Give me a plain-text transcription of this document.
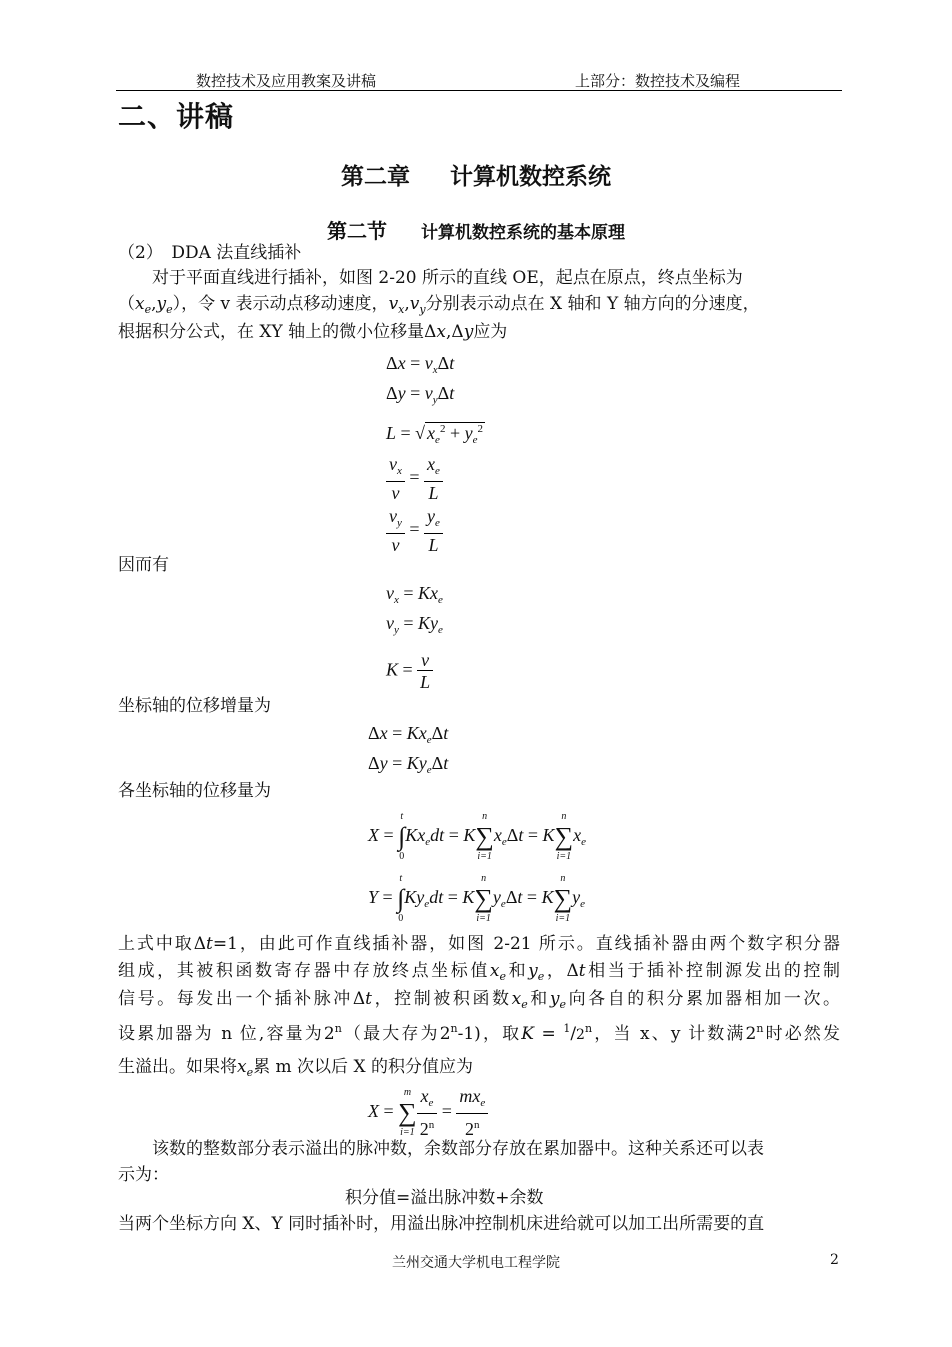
数控技术及应用教案及讲稿	上部分：数控技术及编程
二、讲稿
第二章 计算机数控系统
第二节 计算机数控系统的基本原理
（2）　DDA 法直线插补
对于平面直线进行插补，如图 2-20 所示的直线 OE，起点在原点，终点坐标为
$(x_e,y_e)$，令 v 表示动点移动速度，$v_x,v_y$分别表示动点在 X 轴和 Y 轴方向的分速度，
根据积分公式，在 XY 轴上的微小位移量Δx,Δy应为
$\Delta x = v_x\Delta t$
$\Delta y = v_y\Delta t$
L = √ $x_e^2 + y_e^2$
$\frac{v_x}{v} = \frac{x_e}{L}$
$\frac{v_y}{v} = \frac{y_e}{L}$
因而有
$v_x = Kx_e$
$v_y = Ky_e$
$K = \frac{v}{L}$
坐标轴的位移增量为
$\Delta x = Kx_e\Delta t$
$\Delta y = Ky_e\Delta t$
各坐标轴的位移量为
X =
t
∫
0
$Kx_edt = K$
n
∑
i=1
$x_e\Delta t = K$
n
∑
i=1
$x_e$
Y =
t
∫
0
$Ky_edt = K$
n
∑
i=1
$y_e\Delta t = K$
n
∑
i=1
$y_e$
上式中取Δt=1，由此可作直线插补器，如图 2-21 所示。直线插补器由两个数字积分器
组成，其被积函数寄存器中存放终点坐标值$x_e$和$y_e$，Δt相当于插补控制源发出的控制
信号。每发出一个插补脉冲Δt，控制被积函数$x_e$和$y_e$向各自的积分累加器相加一次。
设累加器为 n 位,容量为2$^n$（最大存为2$^n$-1)，取$K = ^1/2^n$，当 x、y 计数满2$^n$时必然发
生溢出。如果将$x_e$累 m 次以后 X 的积分值应为
X =
m
∑
$i=1 \frac{x_e}{2^n} = \frac{mx_e}{2^n}$
该数的整数部分表示溢出的脉冲数，余数部分存放在累加器中。这种关系还可以表
示为：
积分值=溢出脉冲数+余数
当两个坐标方向 X、Y 同时插补时，用溢出脉冲控制机床进给就可以加工出所需要的直
兰州交通大学机电工程学院	2
